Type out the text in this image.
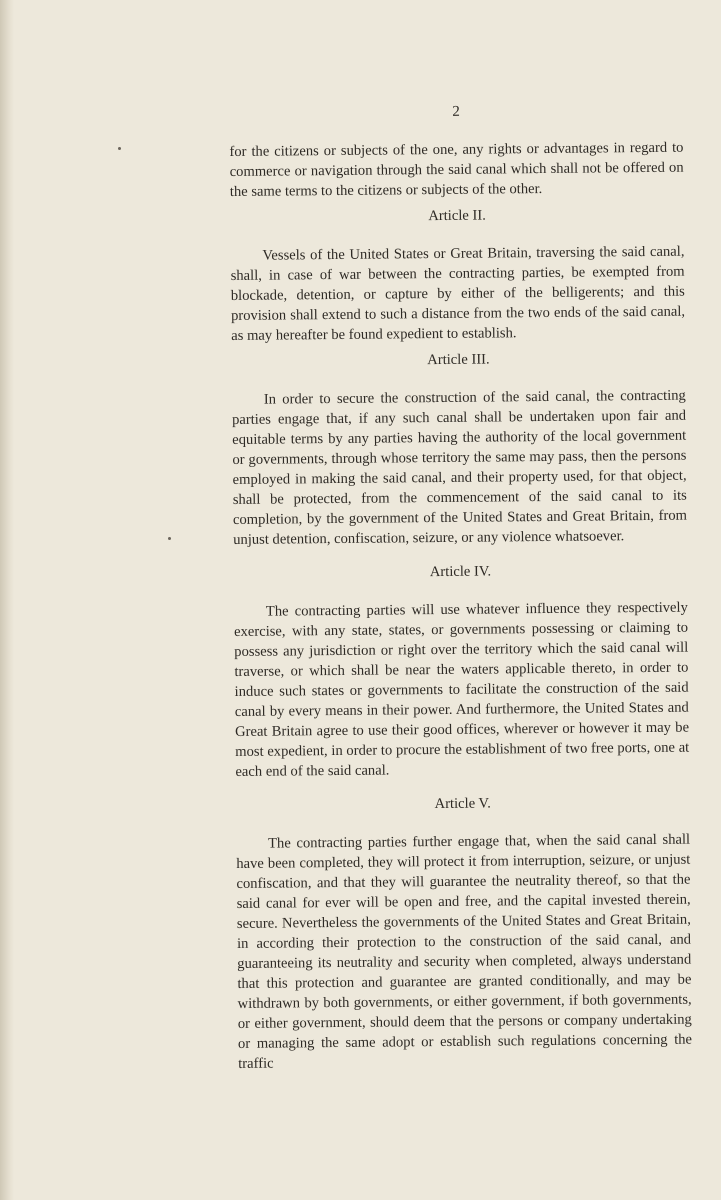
2

for the citizens or subjects of the one, any rights or advantages in regard to commerce or navigation through the said canal which shall not be offered on the same terms to the citizens or subjects of the other.

Article II.

Vessels of the United States or Great Britain, traversing the said canal, shall, in case of war between the contracting parties, be exempted from blockade, detention, or capture by either of the belligerents; and this provision shall extend to such a distance from the two ends of the said canal, as may hereafter be found expedient to establish.

Article III.

In order to secure the construction of the said canal, the contracting parties engage that, if any such canal shall be undertaken upon fair and equitable terms by any parties having the authority of the local government or governments, through whose territory the same may pass, then the persons employed in making the said canal, and their property used, for that object, shall be protected, from the commencement of the said canal to its completion, by the government of the United States and Great Britain, from unjust detention, confiscation, seizure, or any violence whatsoever.

Article IV.

The contracting parties will use whatever influence they respectively exercise, with any state, states, or governments possessing or claiming to possess any jurisdiction or right over the territory which the said canal will traverse, or which shall be near the waters applicable thereto, in order to induce such states or governments to facilitate the construction of the said canal by every means in their power. And furthermore, the United States and Great Britain agree to use their good offices, wherever or however it may be most expedient, in order to procure the establishment of two free ports, one at each end of the said canal.

Article V.

The contracting parties further engage that, when the said canal shall have been completed, they will protect it from interruption, seizure, or unjust confiscation, and that they will guarantee the neutrality thereof, so that the said canal for ever will be open and free, and the capital invested therein, secure. Nevertheless the governments of the United States and Great Britain, in according their protection to the construction of the said canal, and guaranteeing its neutrality and security when completed, always understand that this protection and guarantee are granted conditionally, and may be withdrawn by both governments, or either government, if both governments, or either government, should deem that the persons or company undertaking or managing the same adopt or establish such regulations concerning the traffic
